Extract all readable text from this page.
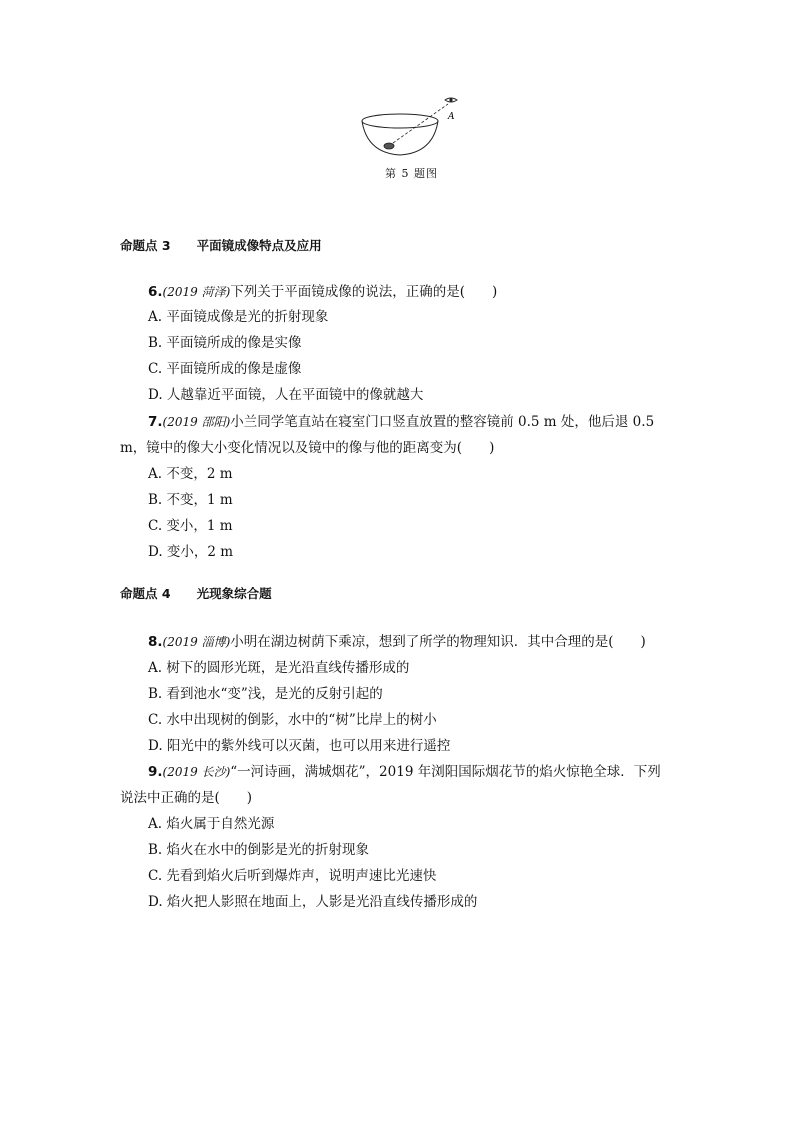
A
第 5 题图
命题点 3 平面镜成像特点及应用
6.(2019 菏泽)下列关于平面镜成像的说法，正确的是(　　)
A. 平面镜成像是光的折射现象
B. 平面镜所成的像是实像
C. 平面镜所成的像是虚像
D. 人越靠近平面镜，人在平面镜中的像就越大
7.(2019 邵阳)小兰同学笔直站在寝室门口竖直放置的整容镜前 0.5 m 处，他后退 0.5
m，镜中的像大小变化情况以及镜中的像与他的距离变为(　　)
A. 不变，2 m
B. 不变，1 m
C. 变小，1 m
D. 变小，2 m
命题点 4 光现象综合题
8.(2019 淄博)小明在湖边树荫下乘凉，想到了所学的物理知识．其中合理的是(　　)
A. 树下的圆形光斑，是光沿直线传播形成的
B. 看到池水“变”浅，是光的反射引起的
C. 水中出现树的倒影，水中的“树”比岸上的树小
D. 阳光中的紫外线可以灭菌，也可以用来进行遥控
9.(2019 长沙)“一河诗画，满城烟花”，2019 年浏阳国际烟花节的焰火惊艳全球．下列
说法中正确的是(　　)
A. 焰火属于自然光源
B. 焰火在水中的倒影是光的折射现象
C. 先看到焰火后听到爆炸声，说明声速比光速快
D. 焰火把人影照在地面上，人影是光沿直线传播形成的
